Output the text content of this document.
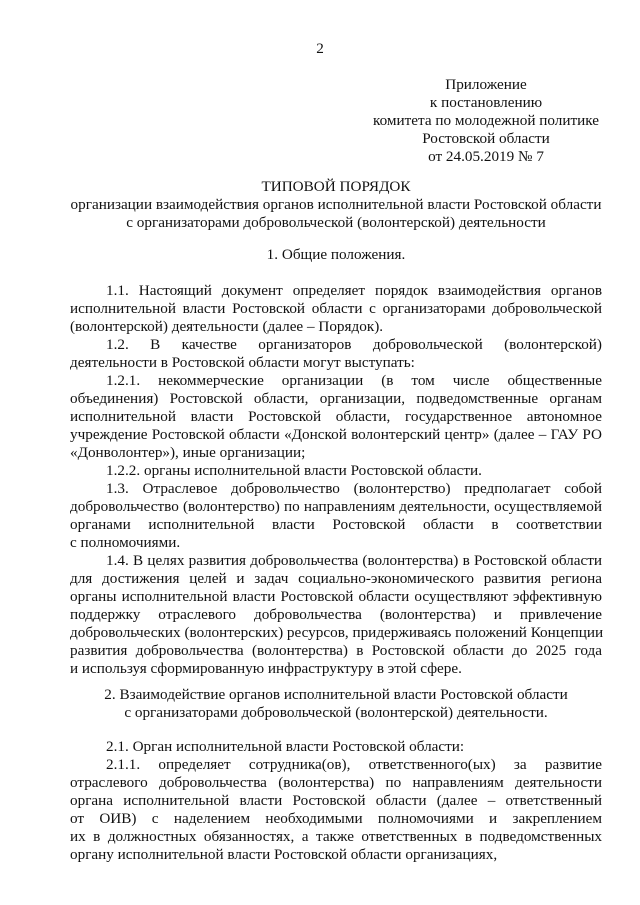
2
Приложение
к постановлению
комитета по молодежной политике
Ростовской области
от 24.05.2019 № 7
ТИПОВОЙ ПОРЯДОК
организации взаимодействия органов исполнительной власти Ростовской области
с организаторами добровольческой (волонтерской) деятельности
1. Общие положения.
1.1. Настоящий документ определяет порядок взаимодействия органов
исполнительной власти Ростовской области с организаторами добровольческой
(волонтерской) деятельности (далее – Порядок).
1.2. В качестве организаторов добровольческой (волонтерской)
деятельности в Ростовской области могут выступать:
1.2.1. некоммерческие организации (в том числе общественные
объединения) Ростовской области, организации, подведомственные органам
исполнительной власти Ростовской области, государственное автономное
учреждение Ростовской области «Донской волонтерский центр» (далее – ГАУ РО
«Донволонтер»), иные организации;
1.2.2. органы исполнительной власти Ростовской области.
1.3. Отраслевое добровольчество (волонтерство) предполагает собой
добровольчество (волонтерство) по направлениям деятельности, осуществляемой
органами исполнительной власти Ростовской области в соответствии
с полномочиями.
1.4. В целях развития добровольчества (волонтерства) в Ростовской области
для достижения целей и задач социально-экономического развития региона
органы исполнительной власти Ростовской области осуществляют эффективную
поддержку отраслевого добровольчества (волонтерства) и привлечение
добровольческих (волонтерских) ресурсов, придерживаясь положений Концепции
развития добровольчества (волонтерства) в Ростовской области до 2025 года
и используя сформированную инфраструктуру в этой сфере.
2. Взаимодействие органов исполнительной власти Ростовской области
с организаторами добровольческой (волонтерской) деятельности.
2.1. Орган исполнительной власти Ростовской области:
2.1.1. определяет сотрудника(ов), ответственного(ых) за развитие
отраслевого добровольчества (волонтерства) по направлениям деятельности
органа исполнительной власти Ростовской области (далее – ответственный
от ОИВ) с наделением необходимыми полномочиями и закреплением
их в должностных обязанностях, а также ответственных в подведомственных
органу исполнительной власти Ростовской области организациях,
